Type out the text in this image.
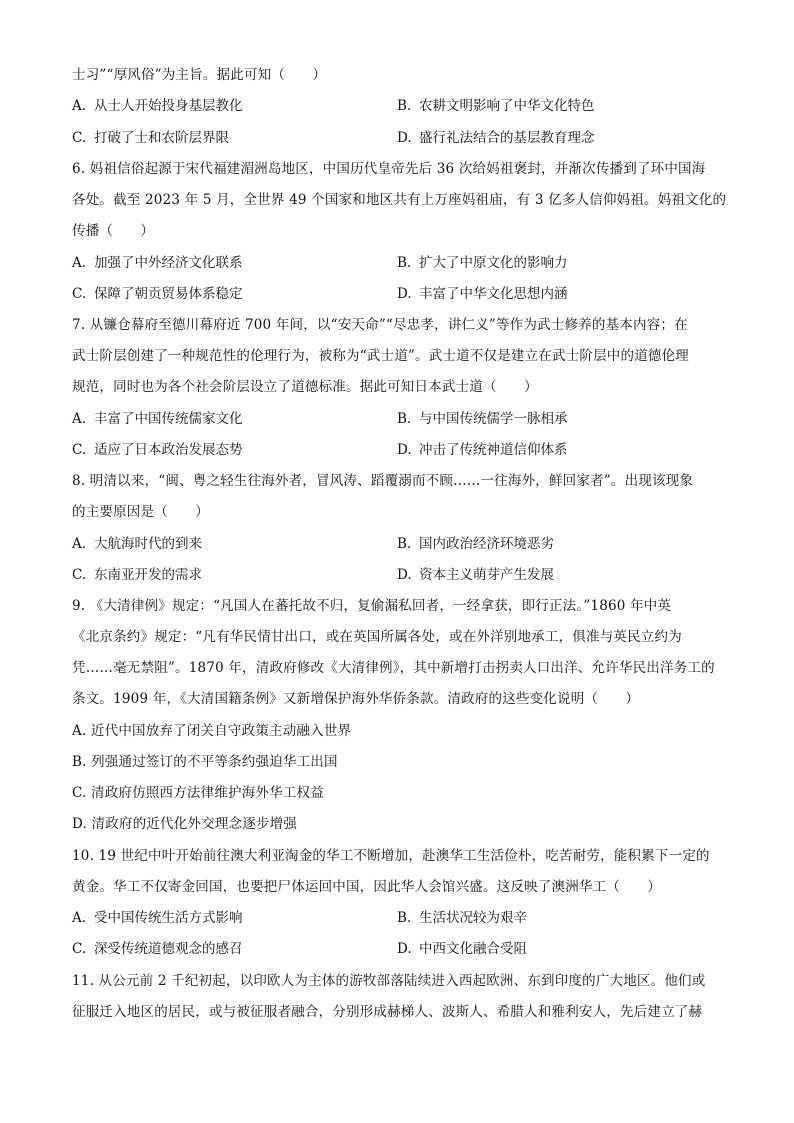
士习”“厚风俗”为主旨。据此可知（　　）
A. 从士人开始投身基层教化	B. 农耕文明影响了中华文化特色
C. 打破了士和农阶层界限	D. 盛行礼法结合的基层教育理念
6. 妈祖信俗起源于宋代福建湄洲岛地区，中国历代皇帝先后 36 次给妈祖褒封，并渐次传播到了环中国海
各处。截至 2023 年 5 月，全世界 49 个国家和地区共有上万座妈祖庙，有 3 亿多人信仰妈祖。妈祖文化的
传播（　　）
A. 加强了中外经济文化联系	B. 扩大了中原文化的影响力
C. 保障了朝贡贸易体系稳定	D. 丰富了中华文化思想内涵
7. 从镰仓幕府至德川幕府近 700 年间，以“安天命”“尽忠孝，讲仁义”等作为武士修养的基本内容；在
武士阶层创建了一种规范性的伦理行为，被称为“武士道”。武士道不仅是建立在武士阶层中的道德伦理
规范，同时也为各个社会阶层设立了道德标准。据此可知日本武士道（　　）
A. 丰富了中国传统儒家文化	B. 与中国传统儒学一脉相承
C. 适应了日本政治发展态势	D. 冲击了传统神道信仰体系
8. 明清以来，“闽、粤之轻生往海外者，冒风涛、蹈覆溺而不顾……一往海外，鲜回家者”。出现该现象
的主要原因是（　　）
A. 大航海时代的到来	B. 国内政治经济环境恶劣
C. 东南亚开发的需求	D. 资本主义萌芽产生发展
9. 《大清律例》规定：“凡国人在蕃托故不归，复偷漏私回者，一经拿获，即行正法。”1860 年中英
《北京条约》规定：“凡有华民情甘出口，或在英国所属各处，或在外洋别地承工，俱准与英民立约为
凭……毫无禁阻”。1870 年，清政府修改《大清律例》，其中新增打击拐卖人口出洋、允许华民出洋务工的
条文。1909 年，《大清国籍条例》又新增保护海外华侨条款。清政府的这些变化说明（　　）
A. 近代中国放弃了闭关自守政策主动融入世界
B. 列强通过签订的不平等条约强迫华工出国
C. 清政府仿照西方法律维护海外华工权益
D. 清政府的近代化外交理念逐步增强
10. 19 世纪中叶开始前往澳大利亚淘金的华工不断增加，赴澳华工生活俭朴，吃苦耐劳，能积累下一定的
黄金。华工不仅寄金回国，也要把尸体运回中国，因此华人会馆兴盛。这反映了澳洲华工（　　）
A. 受中国传统生活方式影响	B. 生活状况较为艰辛
C. 深受传统道德观念的感召	D. 中西文化融合受阻
11. 从公元前 2 千纪初起，以印欧人为主体的游牧部落陆续进入西起欧洲、东到印度的广大地区。他们或
征服迁入地区的居民，或与被征服者融合，分别形成赫梯人、波斯人、希腊人和雅利安人，先后建立了赫
